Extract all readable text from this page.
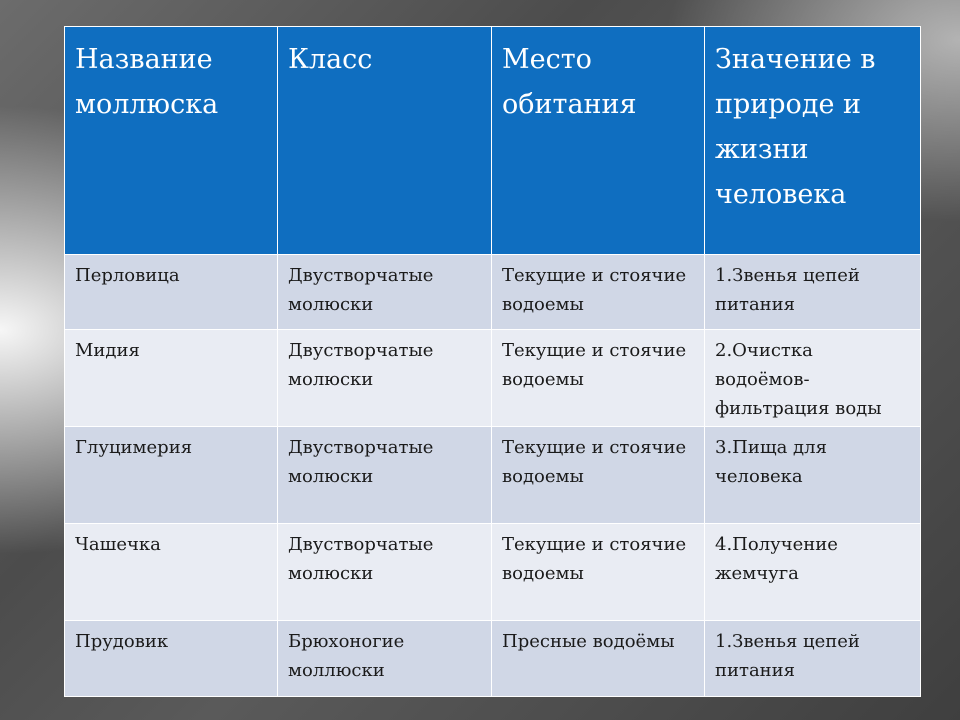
Название моллюска	Класс	Место обитания	Значение в природе и жизни человека
Перловица	Двустворчатые молюски	Текущие и стоячие водоемы	1.Звенья цепей питания
Мидия	Двустворчатые молюски	Текущие и стоячие водоемы	2.Очистка водоёмов-фильтрация воды
Глуцимерия	Двустворчатые молюски	Текущие и стоячие водоемы	3.Пища для человека
Чашечка	Двустворчатые молюски	Текущие и стоячие водоемы	4.Получение жемчуга
Прудовик	Брюхоногие моллюски	Пресные водоёмы	1.Звенья цепей питания
